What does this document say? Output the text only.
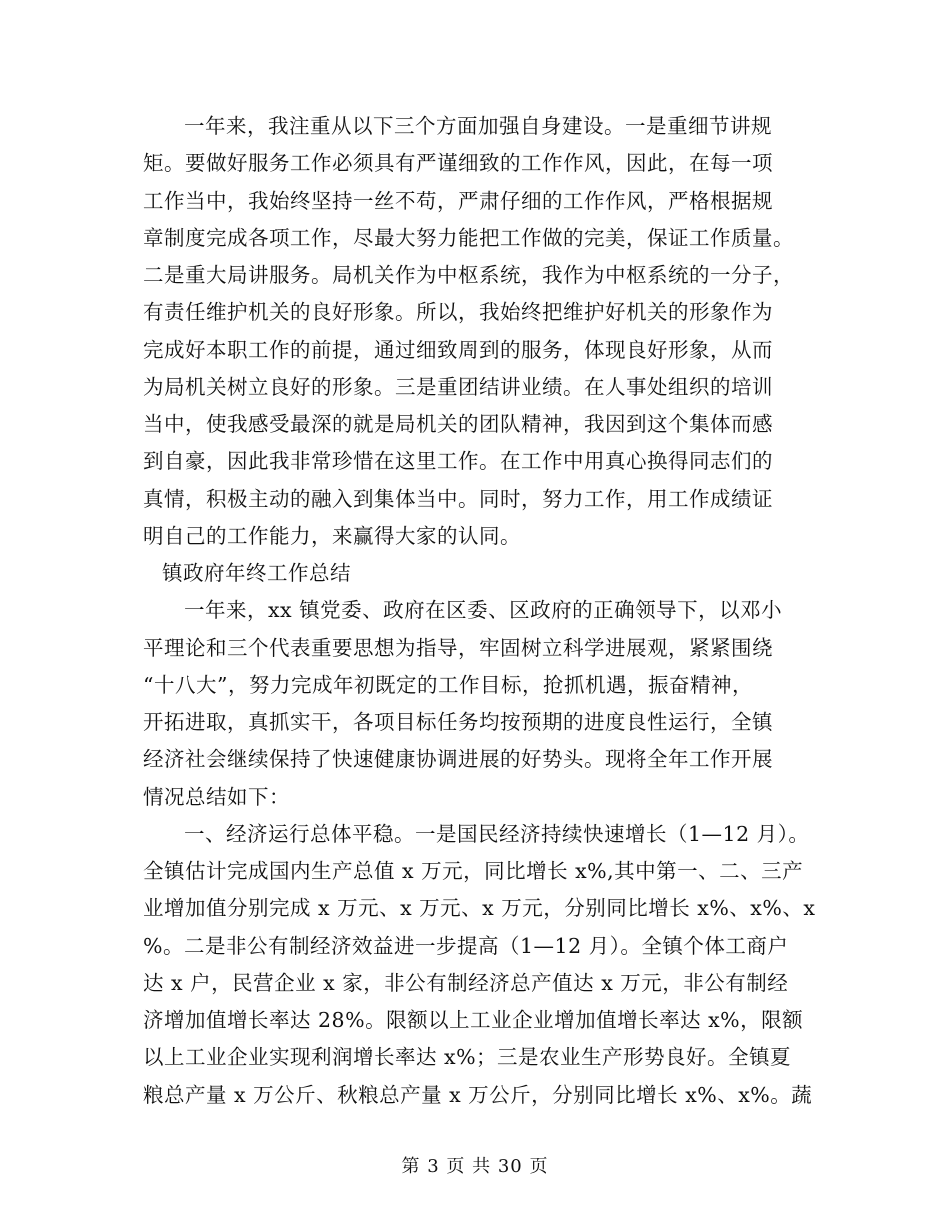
一年来，我注重从以下三个方面加强自身建设。一是重细节讲规
矩。要做好服务工作必须具有严谨细致的工作作风，因此，在每一项
工作当中，我始终坚持一丝不苟，严肃仔细的工作作风，严格根据规
章制度完成各项工作，尽最大努力能把工作做的完美，保证工作质量。
二是重大局讲服务。局机关作为中枢系统，我作为中枢系统的一分子，
有责任维护机关的良好形象。所以，我始终把维护好机关的形象作为
完成好本职工作的前提，通过细致周到的服务，体现良好形象，从而
为局机关树立良好的形象。三是重团结讲业绩。在人事处组织的培训
当中，使我感受最深的就是局机关的团队精神，我因到这个集体而感
到自豪，因此我非常珍惜在这里工作。在工作中用真心换得同志们的
真情，积极主动的融入到集体当中。同时，努力工作，用工作成绩证
明自己的工作能力，来赢得大家的认同。
镇政府年终工作总结
一年来，xx 镇党委、政府在区委、区政府的正确领导下，以邓小
平理论和三个代表重要思想为指导，牢固树立科学进展观，紧紧围绕
“十八大”，努力完成年初既定的工作目标，抢抓机遇，振奋精神，
开拓进取，真抓实干，各项目标任务均按预期的进度良性运行，全镇
经济社会继续保持了快速健康协调进展的好势头。现将全年工作开展
情况总结如下：
一、经济运行总体平稳。一是国民经济持续快速增长（1—12 月）。
全镇估计完成国内生产总值 x 万元，同比增长 x%,其中第一、二、三产
业增加值分别完成 x 万元、x 万元、x 万元，分别同比增长 x%、x%、x
%。二是非公有制经济效益进一步提高（1—12 月）。全镇个体工商户
达 x 户，民营企业 x 家，非公有制经济总产值达 x 万元，非公有制经
济增加值增长率达 28%。限额以上工业企业增加值增长率达 x%，限额
以上工业企业实现利润增长率达 x%；三是农业生产形势良好。全镇夏
粮总产量 x 万公斤、秋粮总产量 x 万公斤，分别同比增长 x%、x%。蔬
第 3 页 共 30 页
